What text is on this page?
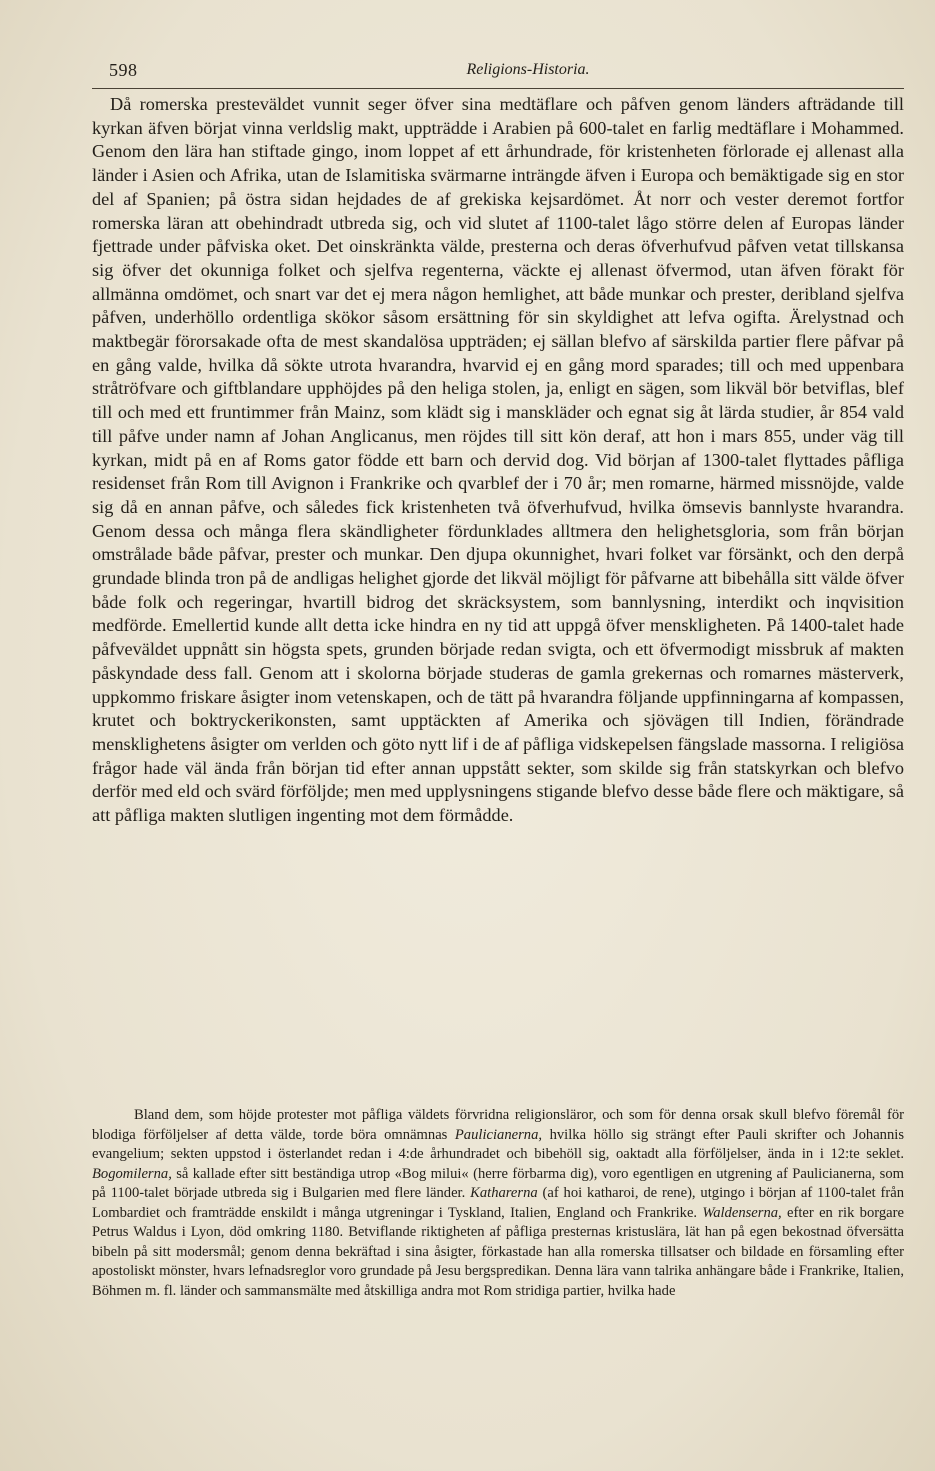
598	Religions-Historia.

Då romerska presteväldet vunnit seger öfver sina medtäflare och påfven genom länders afträdande till kyrkan äfven börjat vinna verldslig makt, uppträdde i Arabien på 600-talet en farlig medtäflare i Mohammed. Genom den lära han stiftade gingo, inom loppet af ett århundrade, för kristenheten förlorade ej allenast alla länder i Asien och Afrika, utan de Islamitiska svärmarne inträngde äfven i Europa och bemäktigade sig en stor del af Spanien; på östra sidan hejdades de af grekiska kejsardömet. Åt norr och vester deremot fortfor romerska läran att obehindradt utbreda sig, och vid slutet af 1100-talet lågo större delen af Europas länder fjettrade under påfviska oket. Det oinskränkta välde, presterna och deras öfverhufvud påfven vetat tillskansa sig öfver det okunniga folket och sjelfva regenterna, väckte ej allenast öfvermod, utan äfven förakt för allmänna omdömet, och snart var det ej mera någon hemlighet, att både munkar och prester, deribland sjelfva påfven, underhöllo ordentliga skökor såsom ersättning för sin skyldighet att lefva ogifta. Ärelystnad och maktbegär förorsakade ofta de mest skandalösa uppträden; ej sällan blefvo af särskilda partier flere påfvar på en gång valde, hvilka då sökte utrota hvarandra, hvarvid ej en gång mord sparades; till och med uppenbara stråtröfvare och giftblandare upphöjdes på den heliga stolen, ja, enligt en sägen, som likväl bör betviflas, blef till och med ett fruntimmer från Mainz, som klädt sig i manskläder och egnat sig åt lärda studier, år 854 vald till påfve under namn af Johan Anglicanus, men röjdes till sitt kön deraf, att hon i mars 855, under väg till kyrkan, midt på en af Roms gator födde ett barn och dervid dog. Vid början af 1300-talet flyttades påfliga residenset från Rom till Avignon i Frankrike och qvarblef der i 70 år; men romarne, härmed missnöjde, valde sig då en annan påfve, och således fick kristenheten två öfverhufvud, hvilka ömsevis bannlyste hvarandra. Genom dessa och många flera skändligheter fördunklades alltmera den helighetsgloria, som från början omstrålade både påfvar, prester och munkar. Den djupa okunnighet, hvari folket var försänkt, och den derpå grundade blinda tron på de andligas helighet gjorde det likväl möjligt för påfvarne att bibehålla sitt välde öfver både folk och regeringar, hvartill bidrog det skräcksystem, som bannlysning, interdikt och inqvisition medförde. Emellertid kunde allt detta icke hindra en ny tid att uppgå öfver menskligheten. På 1400-talet hade påfveväldet uppnått sin högsta spets, grunden började redan svigta, och ett öfvermodigt missbruk af makten påskyndade dess fall. Genom att i skolorna började studeras de gamla grekernas och romarnes mästerverk, uppkommo friskare åsigter inom vetenskapen, och de tätt på hvarandra följande uppfinningarna af kompassen, krutet och boktryckerikonsten, samt upptäckten af Amerika och sjövägen till Indien, förändrade mensklighetens åsigter om verlden och göto nytt lif i de af påfliga vidskepelsen fängslade massorna. I religiösa frågor hade väl ända från början tid efter annan uppstått sekter, som skilde sig från statskyrkan och blefvo derför med eld och svärd förföljde; men med upplysningens stigande blefvo desse både flere och mäktigare, så att påfliga makten slutligen ingenting mot dem förmådde.

Bland dem, som höjde protester mot påfliga väldets förvridna religionsläror, och som för denna orsak skull blefvo föremål för blodiga förföljelser af detta välde, torde böra omnämnas Paulicianerna, hvilka höllo sig strängt efter Pauli skrifter och Johannis evangelium; sekten uppstod i österlandet redan i 4:de århundradet och bibehöll sig, oaktadt alla förföljelser, ända in i 12:te seklet. Bogomilerna, så kallade efter sitt beständiga utrop «Bog milui« (herre förbarma dig), voro egentligen en utgrening af Paulicianerna, som på 1100-talet började utbreda sig i Bulgarien med flere länder. Katharerna (af hoi katharoi, de rene), utgingo i början af 1100-talet från Lombardiet och framträdde enskildt i många utgreningar i Tyskland, Italien, England och Frankrike. Waldenserna, efter en rik borgare Petrus Waldus i Lyon, död omkring 1180. Betviflande riktigheten af påfliga presternas kristuslära, lät han på egen bekostnad öfversätta bibeln på sitt modersmål; genom denna bekräftad i sina åsigter, förkastade han alla romerska tillsatser och bildade en församling efter apostoliskt mönster, hvars lefnadsreglor voro grundade på Jesu bergspredikan. Denna lära vann talrika anhängare både i Frankrike, Italien, Böhmen m. fl. länder och sammansmälte med åtskilliga andra mot Rom stridiga partier, hvilka hade
